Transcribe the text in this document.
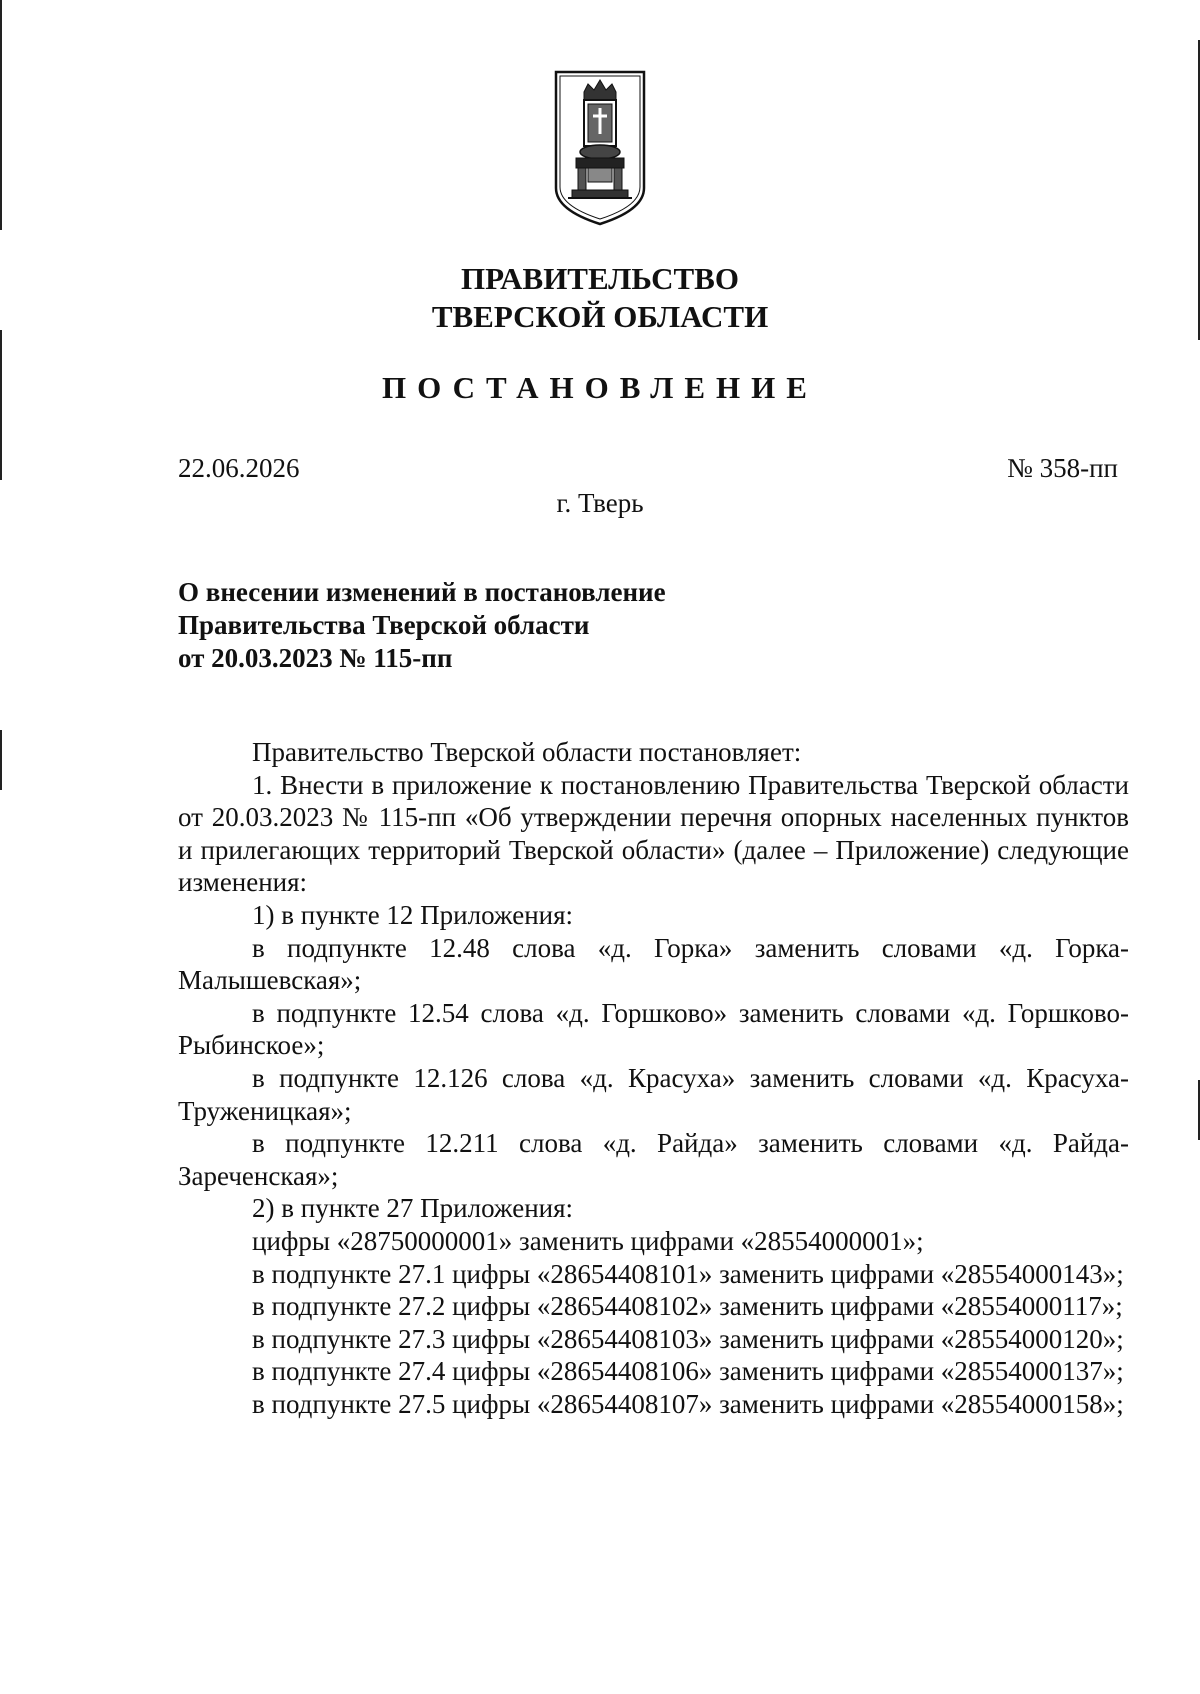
ПРАВИТЕЛЬСТВО
ТВЕРСКОЙ ОБЛАСТИ
ПОСТАНОВЛЕНИЕ
22.06.2026	№ 358-пп
г. Тверь
О внесении изменений в постановление
Правительства Тверской области
от 20.03.2023 № 115-пп

Правительство Тверской области постановляет:

1. Внести в приложение к постановлению Правительства Тверской области от 20.03.2023 № 115-пп «Об утверждении перечня опорных населенных пунктов и прилегающих территорий Тверской области» (далее – Приложение) следующие изменения:

1) в пункте 12 Приложения:

в подпункте 12.48 слова «д. Горка» заменить словами «д. Горка-Малышевская»;

в подпункте 12.54 слова «д. Горшково» заменить словами «д. Горшково-Рыбинское»;

в подпункте 12.126 слова «д. Красуха» заменить словами «д. Красуха-Труженицкая»;

в подпункте 12.211 слова «д. Райда» заменить словами «д. Райда-Зареченская»;

2) в пункте 27 Приложения:

цифры «28750000001» заменить цифрами «28554000001»;

в подпункте 27.1 цифры «28654408101» заменить цифрами «28554000143»;

в подпункте 27.2 цифры «28654408102» заменить цифрами «28554000117»;

в подпункте 27.3 цифры «28654408103» заменить цифрами «28554000120»;

в подпункте 27.4 цифры «28654408106» заменить цифрами «28554000137»;

в подпункте 27.5 цифры «28654408107» заменить цифрами «28554000158»;
